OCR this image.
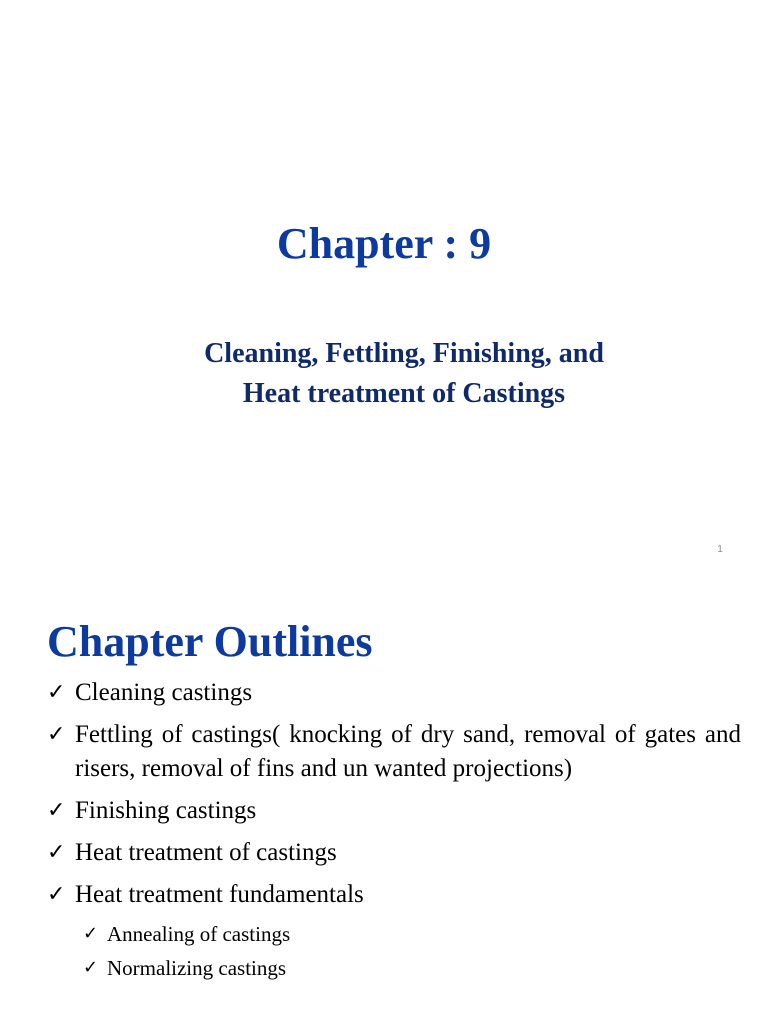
Chapter : 9
Cleaning, Fettling, Finishing, and
Heat treatment of Castings
1
Chapter Outlines
✓ Cleaning castings
✓ Fettling of castings( knocking of dry sand, removal of gates and risers, removal of fins and un wanted projections)
✓ Finishing castings
✓ Heat treatment of castings
✓ Heat treatment fundamentals
✓ Annealing of castings
✓ Normalizing castings
